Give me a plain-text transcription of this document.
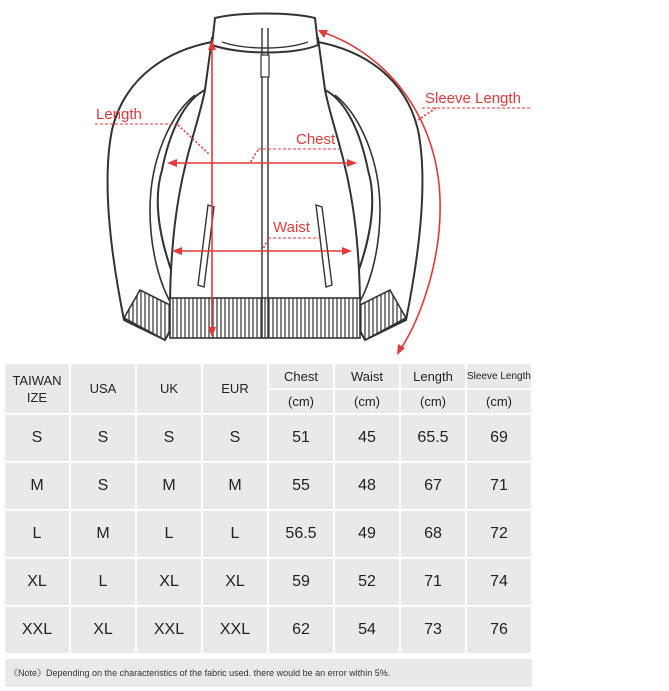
Length
Chest
Waist
Sleeve Length
TAIWAN
IZE	USA	UK	EUR	Chest	Waist	Length	Sleeve Length
				(cm)	(cm)	(cm)	(cm)
S	S	S	S	51	45	65.5	69
M	S	M	M	55	48	67	71
L	M	L	L	56.5	49	68	72
XL	L	XL	XL	59	52	71	74
XXL	XL	XXL	XXL	62	54	73	76
《Note》Depending on the characteristics of the fabric used. there would be an error within 5%.
